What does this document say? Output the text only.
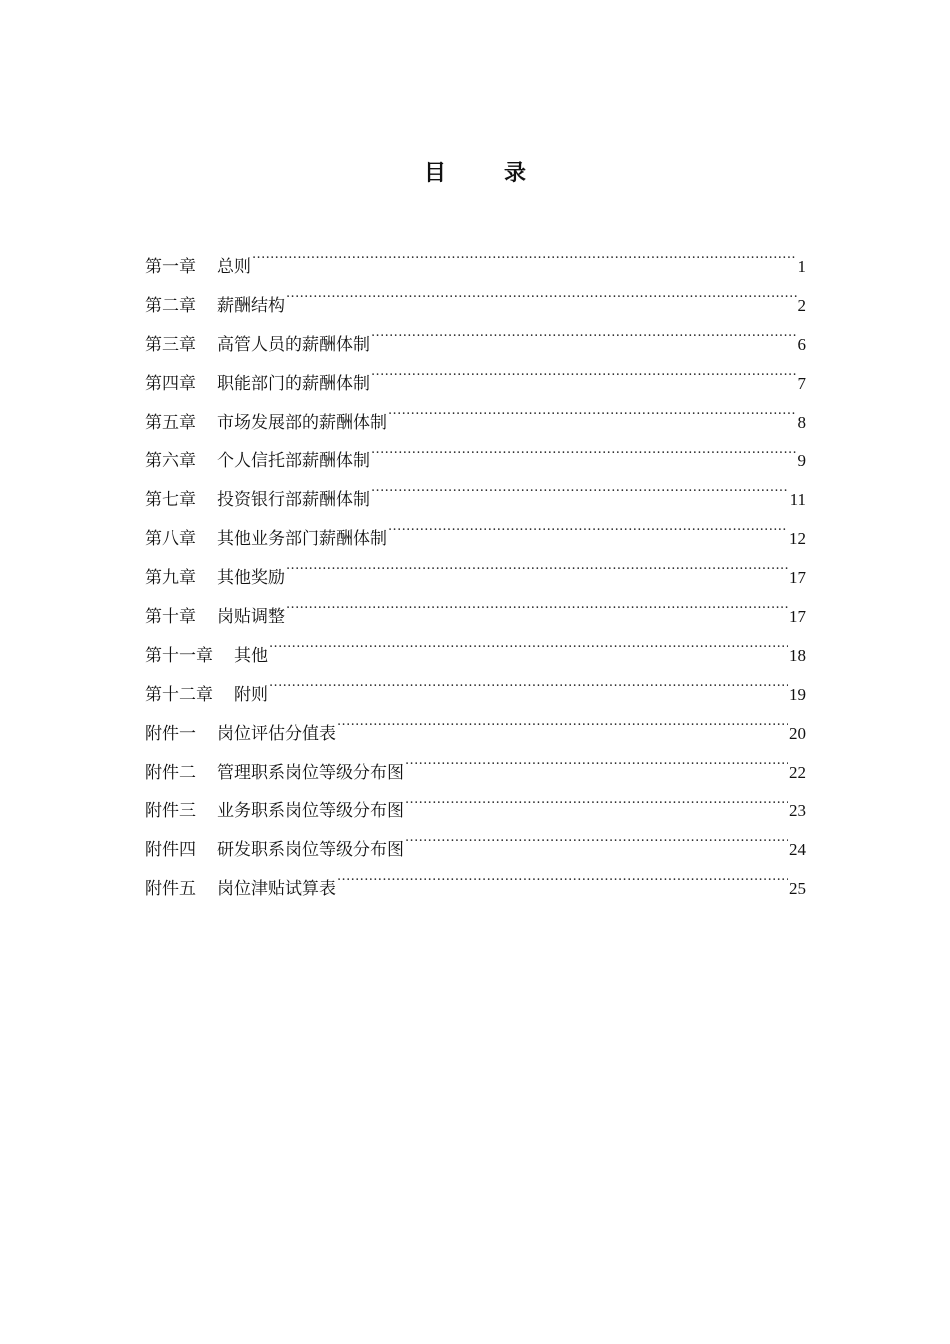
目　录
第一章 总则 .....	1
第二章 薪酬结构 .....	2
第三章 高管人员的薪酬体制 .....	6
第四章 职能部门的薪酬体制 .....	7
第五章 市场发展部的薪酬体制 .....	8
第六章 个人信托部薪酬体制 .....	9
第七章 投资银行部薪酬体制 .....	11
第八章 其他业务部门薪酬体制 .....	12
第九章 其他奖励 .....	17
第十章 岗贴调整 .....	17
第十一章 其他 .....	18
第十二章 附则 .....	19
附件一 岗位评估分值表 .....	20
附件二 管理职系岗位等级分布图 .....	22
附件三 业务职系岗位等级分布图 .....	23
附件四 研发职系岗位等级分布图 .....	24
附件五 岗位津贴试算表 .....	25
